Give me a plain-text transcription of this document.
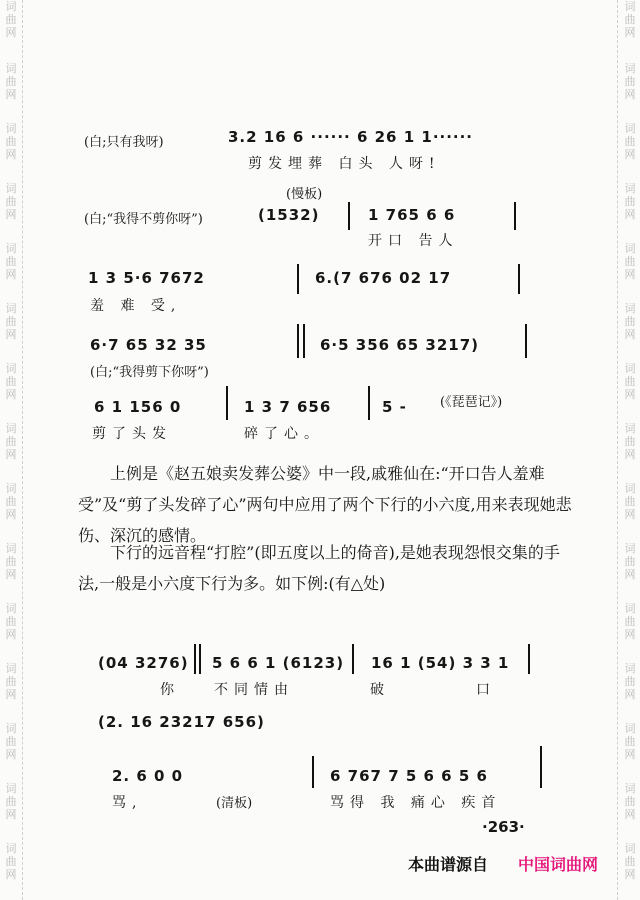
词
曲
网
词
曲
网
词
曲
网
词
曲
网
词
曲
网
词
曲
网
词
曲
网
词
曲
网
词
曲
网
词
曲
网
词
曲
网
词
曲
网
词
曲
网
词
曲
网
词
曲
网
词
曲
网
词
曲
网
词
曲
网
词
曲
网
词
曲
网
词
曲
网
词
曲
网
词
曲
网
词
曲
网
词
曲
网
词
曲
网
词
曲
网
词
曲
网
词
曲
网
词
曲
网
(白;只有我呀)	3.2 16 6 ······ 6 26 1 1······
剪发埋葬 白头 人呀!
(慢板)
(白;“我得不剪你呀”)	(1532)	1 765 6 6
开口 告人
1 3 5·6 7672	6.(7 676 02 17
羞 难 受,
6·7 65 32 35	6·5 356 65 3217)
(白;“我得剪下你呀”)
6 1 156 0	1 3 7 656	5 -	(《琵琶记》)
剪了头发	碎了心。
上例是《赵五娘卖发葬公婆》中一段,戚雅仙在:“开口告人羞难受”及“剪了头发碎了心”两句中应用了两个下行的小六度,用来表现她悲伤、深沉的感情。
下行的远音程“打腔”(即五度以上的倚音),是她表现怨恨交集的手法,一般是小六度下行为多。如下例:(有△处)
(04 3276) 5 6 6 1 (6123) 16 1 (54) 3 3 1
你 不同情由	破	口
(2. 16 23217 656)
2. 6 0 0	6 767 7 5 6 6 5 6
骂,	(清板)	骂得 我 痛心 疾首
·263·
本曲谱源自 中国词曲网
